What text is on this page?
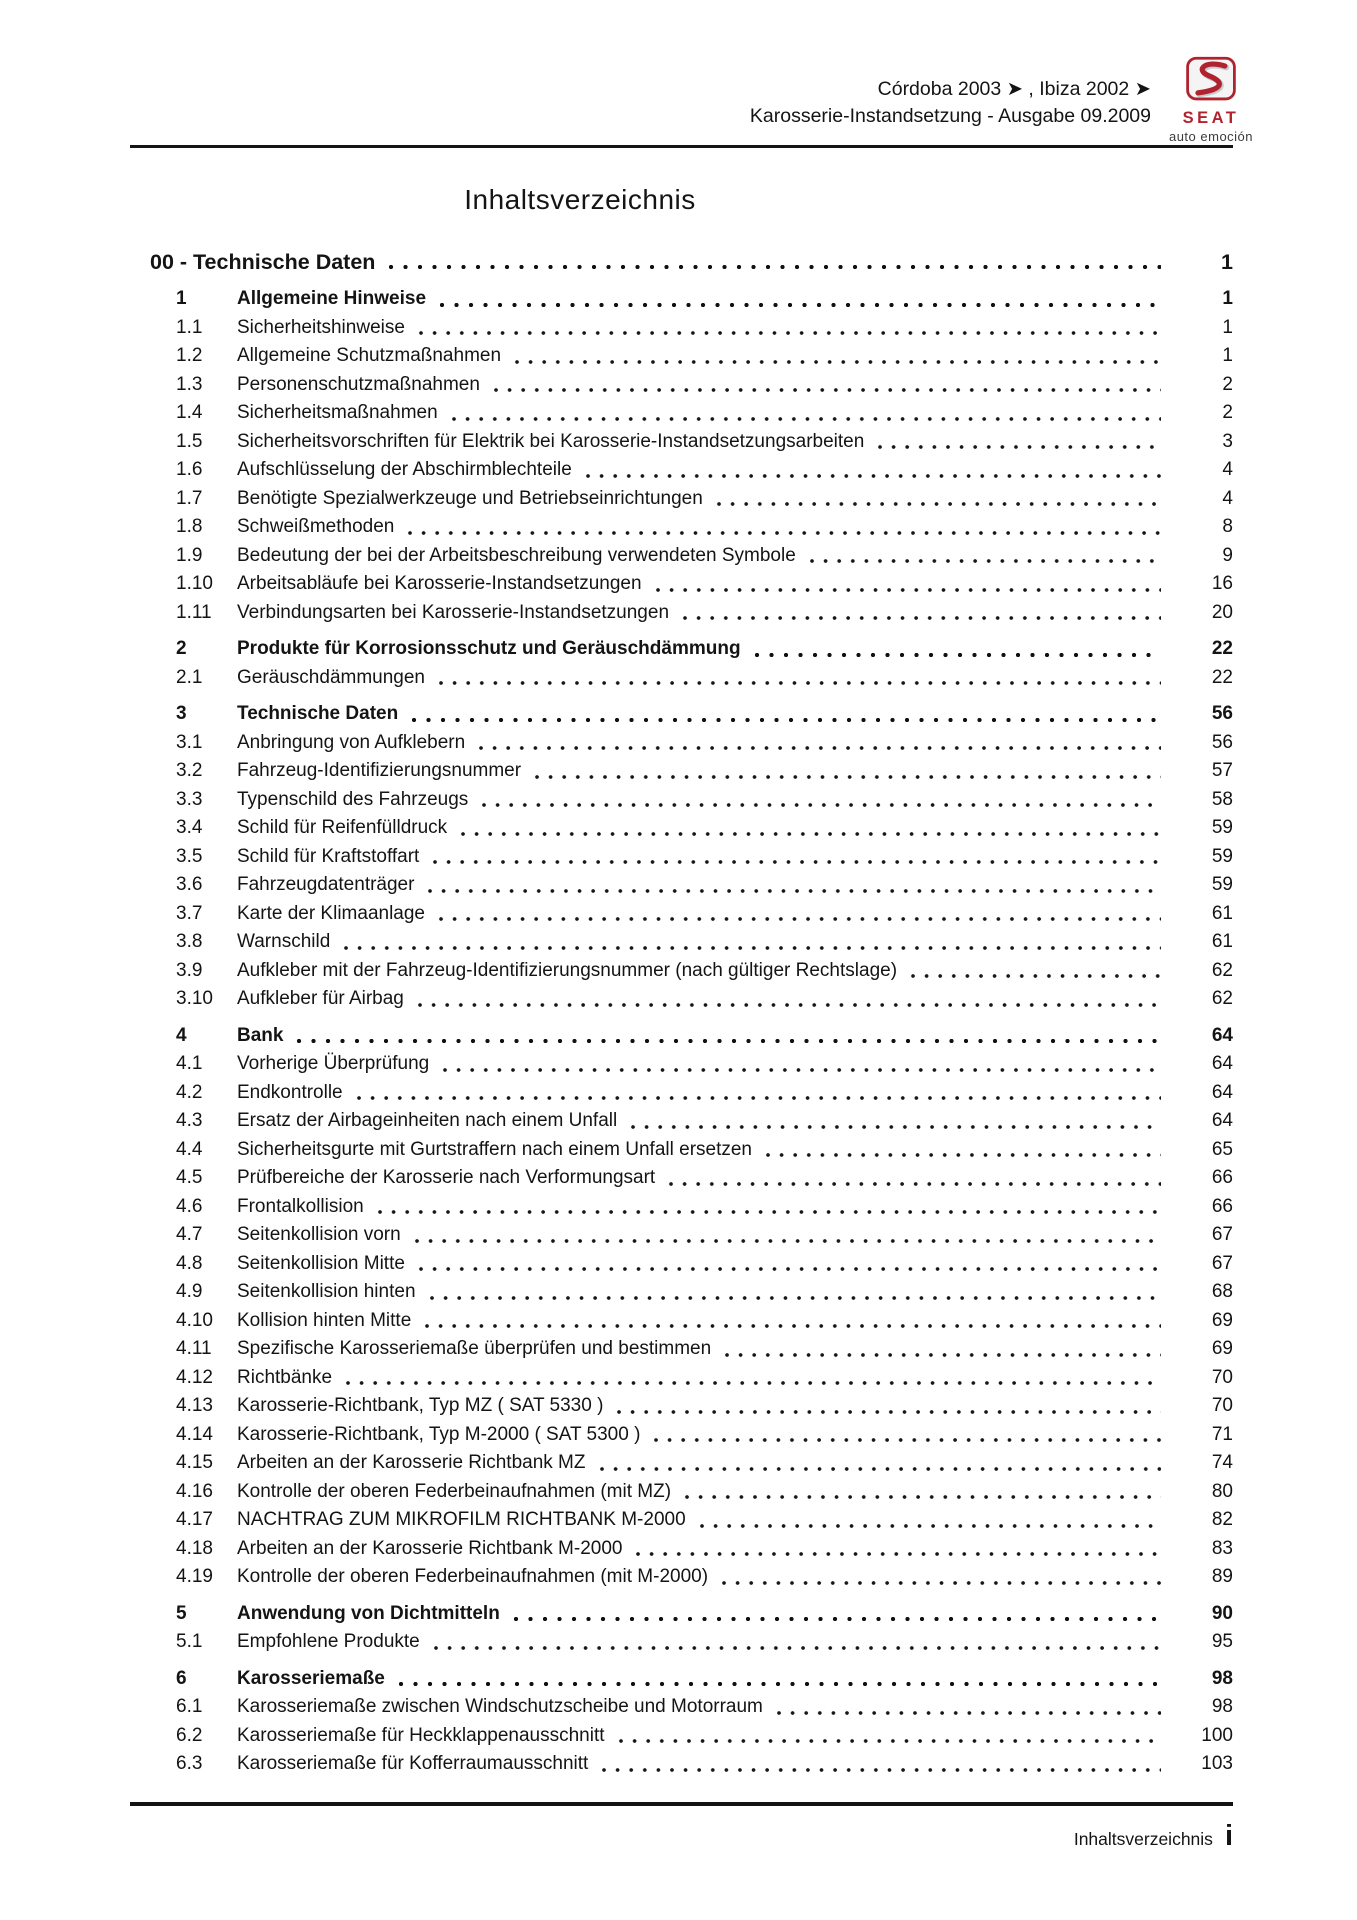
Córdoba 2003 ➤ , Ibiza 2002 ➤
Karosserie-Instandsetzung - Ausgabe 09.2009 SEAT
auto emoción
Inhaltsverzeichnis
00 - Technische Daten	1
1	Allgemeine Hinweise	1
1.1	Sicherheitshinweise	1
1.2	Allgemeine Schutzmaßnahmen	1
1.3	Personenschutzmaßnahmen	2
1.4	Sicherheitsmaßnahmen	2
1.5	Sicherheitsvorschriften für Elektrik bei Karosserie-Instandsetzungsarbeiten	3
1.6	Aufschlüsselung der Abschirmblechteile	4
1.7	Benötigte Spezialwerkzeuge und Betriebseinrichtungen	4
1.8	Schweißmethoden	8
1.9	Bedeutung der bei der Arbeitsbeschreibung verwendeten Symbole	9
1.10	Arbeitsabläufe bei Karosserie-Instandsetzungen	16
1.11	Verbindungsarten bei Karosserie-Instandsetzungen	20
2	Produkte für Korrosionsschutz und Geräuschdämmung	22
2.1	Geräuschdämmungen	22
3	Technische Daten	56
3.1	Anbringung von Aufklebern	56
3.2	Fahrzeug-Identifizierungsnummer	57
3.3	Typenschild des Fahrzeugs	58
3.4	Schild für Reifenfülldruck	59
3.5	Schild für Kraftstoffart	59
3.6	Fahrzeugdatenträger	59
3.7	Karte der Klimaanlage	61
3.8	Warnschild	61
3.9	Aufkleber mit der Fahrzeug-Identifizierungsnummer (nach gültiger Rechtslage)	62
3.10	Aufkleber für Airbag	62
4	Bank	64
4.1	Vorherige Überprüfung	64
4.2	Endkontrolle	64
4.3	Ersatz der Airbageinheiten nach einem Unfall	64
4.4	Sicherheitsgurte mit Gurtstraffern nach einem Unfall ersetzen	65
4.5	Prüfbereiche der Karosserie nach Verformungsart	66
4.6	Frontalkollision	66
4.7	Seitenkollision vorn	67
4.8	Seitenkollision Mitte	67
4.9	Seitenkollision hinten	68
4.10	Kollision hinten Mitte	69
4.11	Spezifische Karosseriemaße überprüfen und bestimmen	69
4.12	Richtbänke	70
4.13	Karosserie-Richtbank, Typ MZ ( SAT 5330 )	70
4.14	Karosserie-Richtbank, Typ M-2000 ( SAT 5300 )	71
4.15	Arbeiten an der Karosserie Richtbank MZ	74
4.16	Kontrolle der oberen Federbeinaufnahmen (mit MZ)	80
4.17	NACHTRAG ZUM MIKROFILM RICHTBANK M-2000	82
4.18	Arbeiten an der Karosserie Richtbank M-2000	83
4.19	Kontrolle der oberen Federbeinaufnahmen (mit M-2000)	89
5	Anwendung von Dichtmitteln	90
5.1	Empfohlene Produkte	95
6	Karosseriemaße	98
6.1	Karosseriemaße zwischen Windschutzscheibe und Motorraum	98
6.2	Karosseriemaße für Heckklappenausschnitt	100
6.3	Karosseriemaße für Kofferraumausschnitt	103
Inhaltsverzeichnis i
